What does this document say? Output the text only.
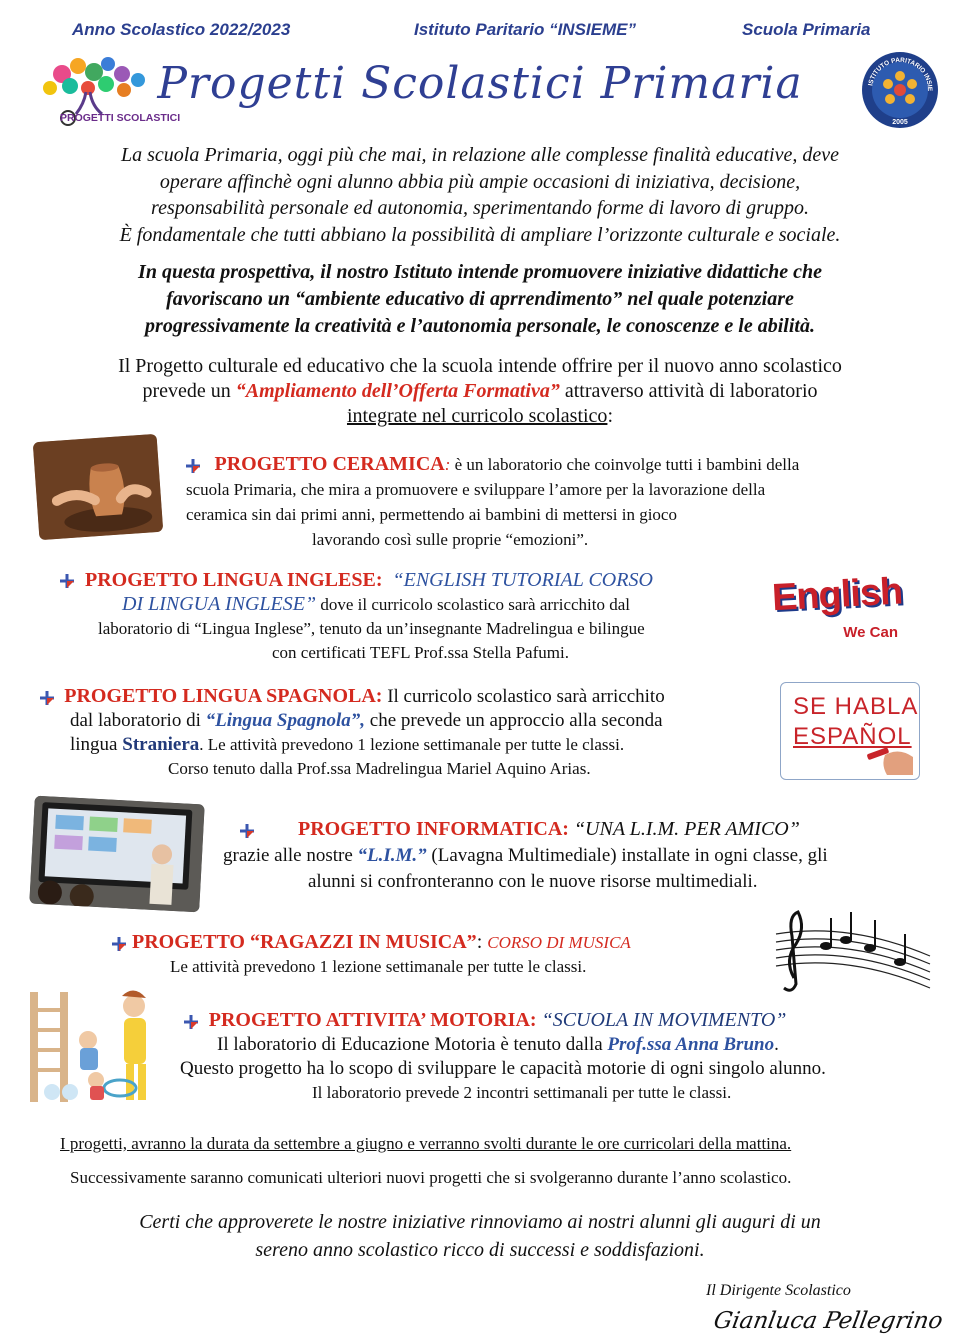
Anno Scolastico 2022/2023	Istituto Paritario “INSIEME”	Scuola Primaria
PROGETTI SCOLASTICI
Progetti Scolastici Primaria	ISTITUTO PARITARIO INSIE
2005
La scuola Primaria, oggi più che mai, in relazione alle complesse finalità educative, deve
operare affinchè ogni alunno abbia più ampie occasioni di iniziativa, decisione,
responsabilità personale ed autonomia, sperimentando forme di lavoro di gruppo.
È fondamentale che tutti abbiano la possibilità di ampliare l’orizzonte culturale e sociale.
In questa prospettiva, il nostro Istituto intende promuovere iniziative didattiche che
favoriscano un “ambiente educativo di aprrendimento” nel quale potenziare
progressivamente la creatività e l’autonomia personale, le conoscenze e le abilità.
Il Progetto culturale ed educativo che la scuola intende offrire per il nuovo anno scolastico
prevede un “Ampliamento dell’Offerta Formativa” attraverso attività di laboratorio
integrate nel curricolo scolastico:
PROGETTO CERAMICA: è un laboratorio che coinvolge tutti i bambini della
scuola Primaria, che mira a promuovere e sviluppare l’amore per la lavorazione della
ceramica sin dai primi anni, permettendo ai bambini di mettersi in gioco
lavorando così sulle proprie “emozioni”.
PROGETTO LINGUA INGLESE: “ENGLISH TUTORIAL CORSO
DI LINGUA INGLESE” dove il curricolo scolastico sarà arricchito dal
laboratorio di “Lingua Inglese”, tenuto da un’insegnante Madrelingua e bilingue
con certificati TEFL Prof.ssa Stella Pafumi.
English
We Can
PROGETTO LINGUA SPAGNOLA: Il curricolo scolastico sarà arricchito
dal laboratorio di “Lingua Spagnola”, che prevede un approccio alla seconda
lingua Straniera. Le attività prevedono 1 lezione settimanale per tutte le classi.
Corso tenuto dalla Prof.ssa Madrelingua Mariel Aquino Arias.
SE HABLA
ESPAÑOL
PROGETTO INFORMATICA: “UNA L.I.M. PER AMICO”
grazie alle nostre “L.I.M.” (Lavagna Multimediale) installate in ogni classe, gli
alunni si confronteranno con le nuove risorse multimediali.
PROGETTO “RAGAZZI IN MUSICA”: CORSO DI MUSICA
Le attività prevedono 1 lezione settimanale per tutte le classi.
PROGETTO ATTIVITA’ MOTORIA: “SCUOLA IN MOVIMENTO”
Il laboratorio di Educazione Motoria è tenuto dalla Prof.ssa Anna Bruno.
Questo progetto ha lo scopo di sviluppare le capacità motorie di ogni singolo alunno.
Il laboratorio prevede 2 incontri settimanali per tutte le classi.
I progetti, avranno la durata da settembre a giugno e verranno svolti durante le ore curricolari della mattina.
Successivamente saranno comunicati ulteriori nuovi progetti che si svolgeranno durante l’anno scolastico.
Certi che approverete le nostre iniziative rinnoviamo ai nostri alunni gli auguri di un
sereno anno scolastico ricco di successi e soddisfazioni.
Il Dirigente Scolastico
Gianluca Pellegrino
